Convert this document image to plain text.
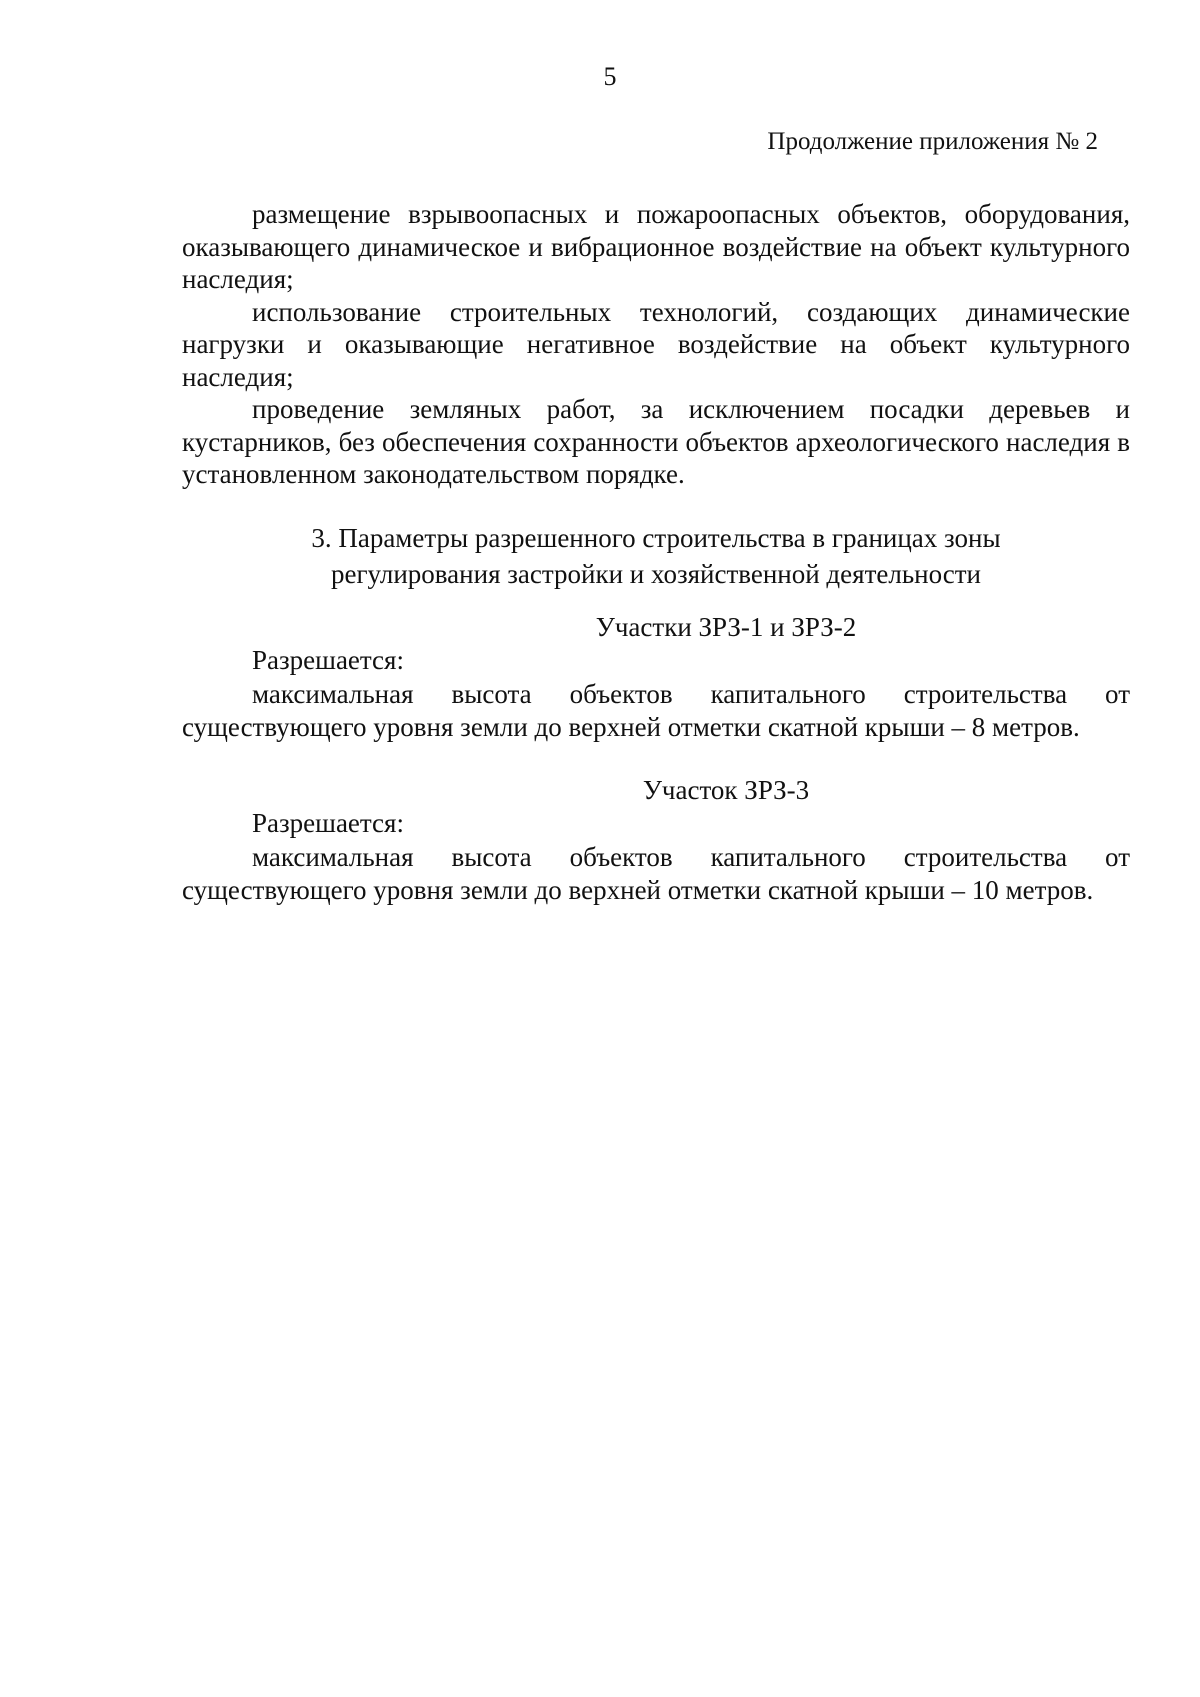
5
Продолжение приложения № 2

размещение взрывоопасных и пожароопасных объектов, оборудования, оказывающего динамическое и вибрационное воздействие на объект культурного наследия;

использование строительных технологий, создающих динамические нагрузки и оказывающие негативное воздействие на объект культурного наследия;

проведение земляных работ, за исключением посадки деревьев и кустарников, без обеспечения сохранности объектов археологического наследия в установленном законодательством порядке.

3. Параметры разрешенного строительства в границах зоны
регулирования застройки и хозяйственной деятельности

Участки ЗРЗ-1 и ЗРЗ-2

Разрешается:

максимальная высота объектов капитального строительства от существующего уровня земли до верхней отметки скатной крыши – 8 метров.

Участок ЗРЗ-3

Разрешается:

максимальная высота объектов капитального строительства от существующего уровня земли до верхней отметки скатной крыши – 10 метров.
